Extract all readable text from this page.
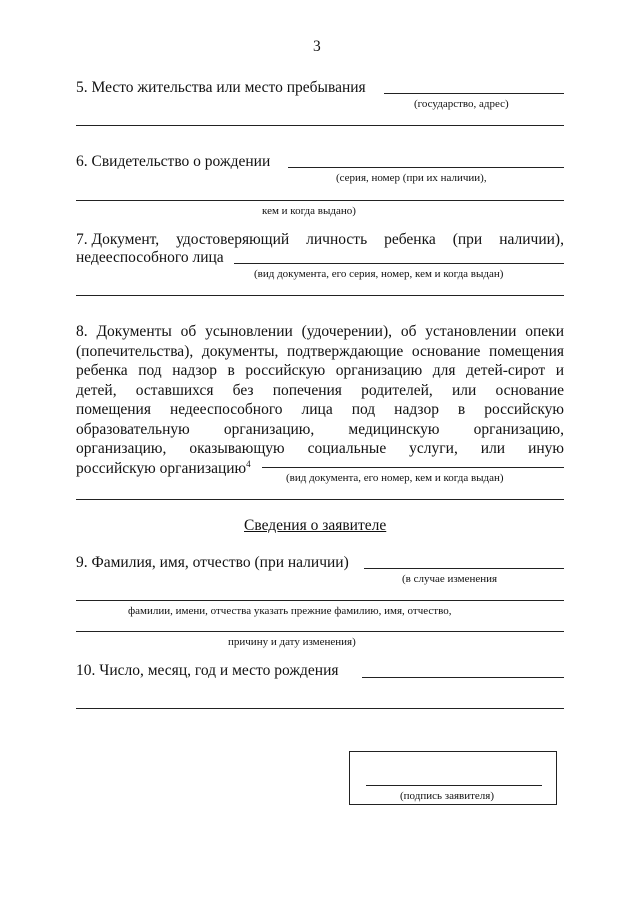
3
5. Место жительства или место пребывания
(государство, адрес)
6. Свидетельство о рождении
(серия, номер (при их наличии),
кем и когда выдано)
7. Документ, удостоверяющий личность ребенка (при наличии),
недееспособного лица
(вид документа, его серия, номер, кем и когда выдан)
8. Документы об усыновлении (удочерении), об установлении опеки
(попечительства), документы, подтверждающие основание помещения
ребенка под надзор в российскую организацию для детей-сирот и
детей, оставшихся без попечения родителей, или основание
помещения недееспособного лица под надзор в российскую
образовательную организацию, медицинскую организацию,
организацию, оказывающую социальные услуги, или иную
российскую организацию$^4$
(вид документа, его номер, кем и когда выдан)
Сведения о заявителе
9. Фамилия, имя, отчество (при наличии)
(в случае изменения
фамилии, имени, отчества указать прежние фамилию, имя, отчество,
причину и дату изменения)
10. Число, месяц, год и место рождения
(подпись заявителя)
